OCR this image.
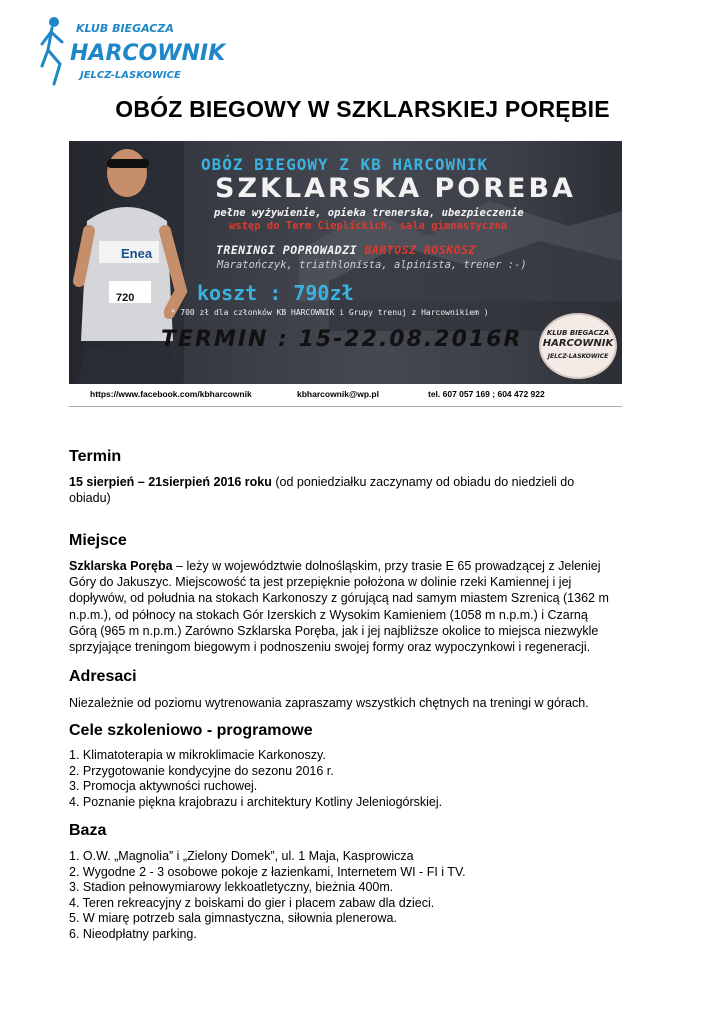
KLUB BIEGACZA
HARCOWNIK
JELCZ-LASKOWICE
OBÓZ BIEGOWY W SZKLARSKIEJ PORĘBIE
Enea
720
OBÓZ BIEGOWY Z KB HARCOWNIK
SZKLARSKA POREBA
pełne wyżywienie, opieka trenerska, ubezpieczenie
wstęp do Term Cieplickich, sala gimnastyczna
TRENINGI POPROWADZI BARTOSZ ROSKOSZ
Maratończyk, triathlonista, alpinista, trener :-)
koszt : 790zł
( * 700 zł dla członków KB HARCOWNIK i Grupy trenuj z Harcownikiem )
TERMIN : 15-22.08.2016R	KLUB BIEGACZA
HARCOWNIK
JELCZ-LASKOWICE
https://www.facebook.com/kbharcownik	kbharcownik@wp.pl	tel. 607 057 169 ; 604 472 922
Termin
15 sierpień – 21sierpień 2016 roku (od poniedziałku zaczynamy od obiadu do niedzieli do
obiadu)
Miejsce
Szklarska Poręba – leży w województwie dolnośląskim, przy trasie E 65 prowadzącej z Jeleniej
Góry do Jakuszyc. Miejscowość ta jest przepięknie położona w dolinie rzeki Kamiennej i jej
dopływów, od południa na stokach Karkonoszy z górującą nad samym miastem Szrenicą (1362 m
n.p.m.), od północy na stokach Gór Izerskich z Wysokim Kamieniem (1058 m n.p.m.) i Czarną
Górą (965 m n.p.m.) Zarówno Szklarska Poręba, jak i jej najbliższe okolice to miejsca niezwykle
sprzyjające treningom biegowym i podnoszeniu swojej formy oraz wypoczynkowi i regeneracji.
Adresaci
Niezależnie od poziomu wytrenowania zapraszamy wszystkich chętnych na treningi w górach.
Cele szkoleniowo - programowe
1. Klimatoterapia w mikroklimacie Karkonoszy.
2. Przygotowanie kondycyjne do sezonu 2016 r.
3. Promocja aktywności ruchowej.
4. Poznanie piękna krajobrazu i architektury Kotliny Jeleniogórskiej.
Baza
1. O.W. „Magnolia” i „Zielony Domek”, ul. 1 Maja, Kasprowicza
2. Wygodne 2 - 3 osobowe pokoje z łazienkami, Internetem WI - FI i TV.
3. Stadion pełnowymiarowy lekkoatletyczny, bieżnia 400m.
4. Teren rekreacyjny z boiskami do gier i placem zabaw dla dzieci.
5. W miarę potrzeb sala gimnastyczna, siłownia plenerowa.
6. Nieodpłatny parking.
